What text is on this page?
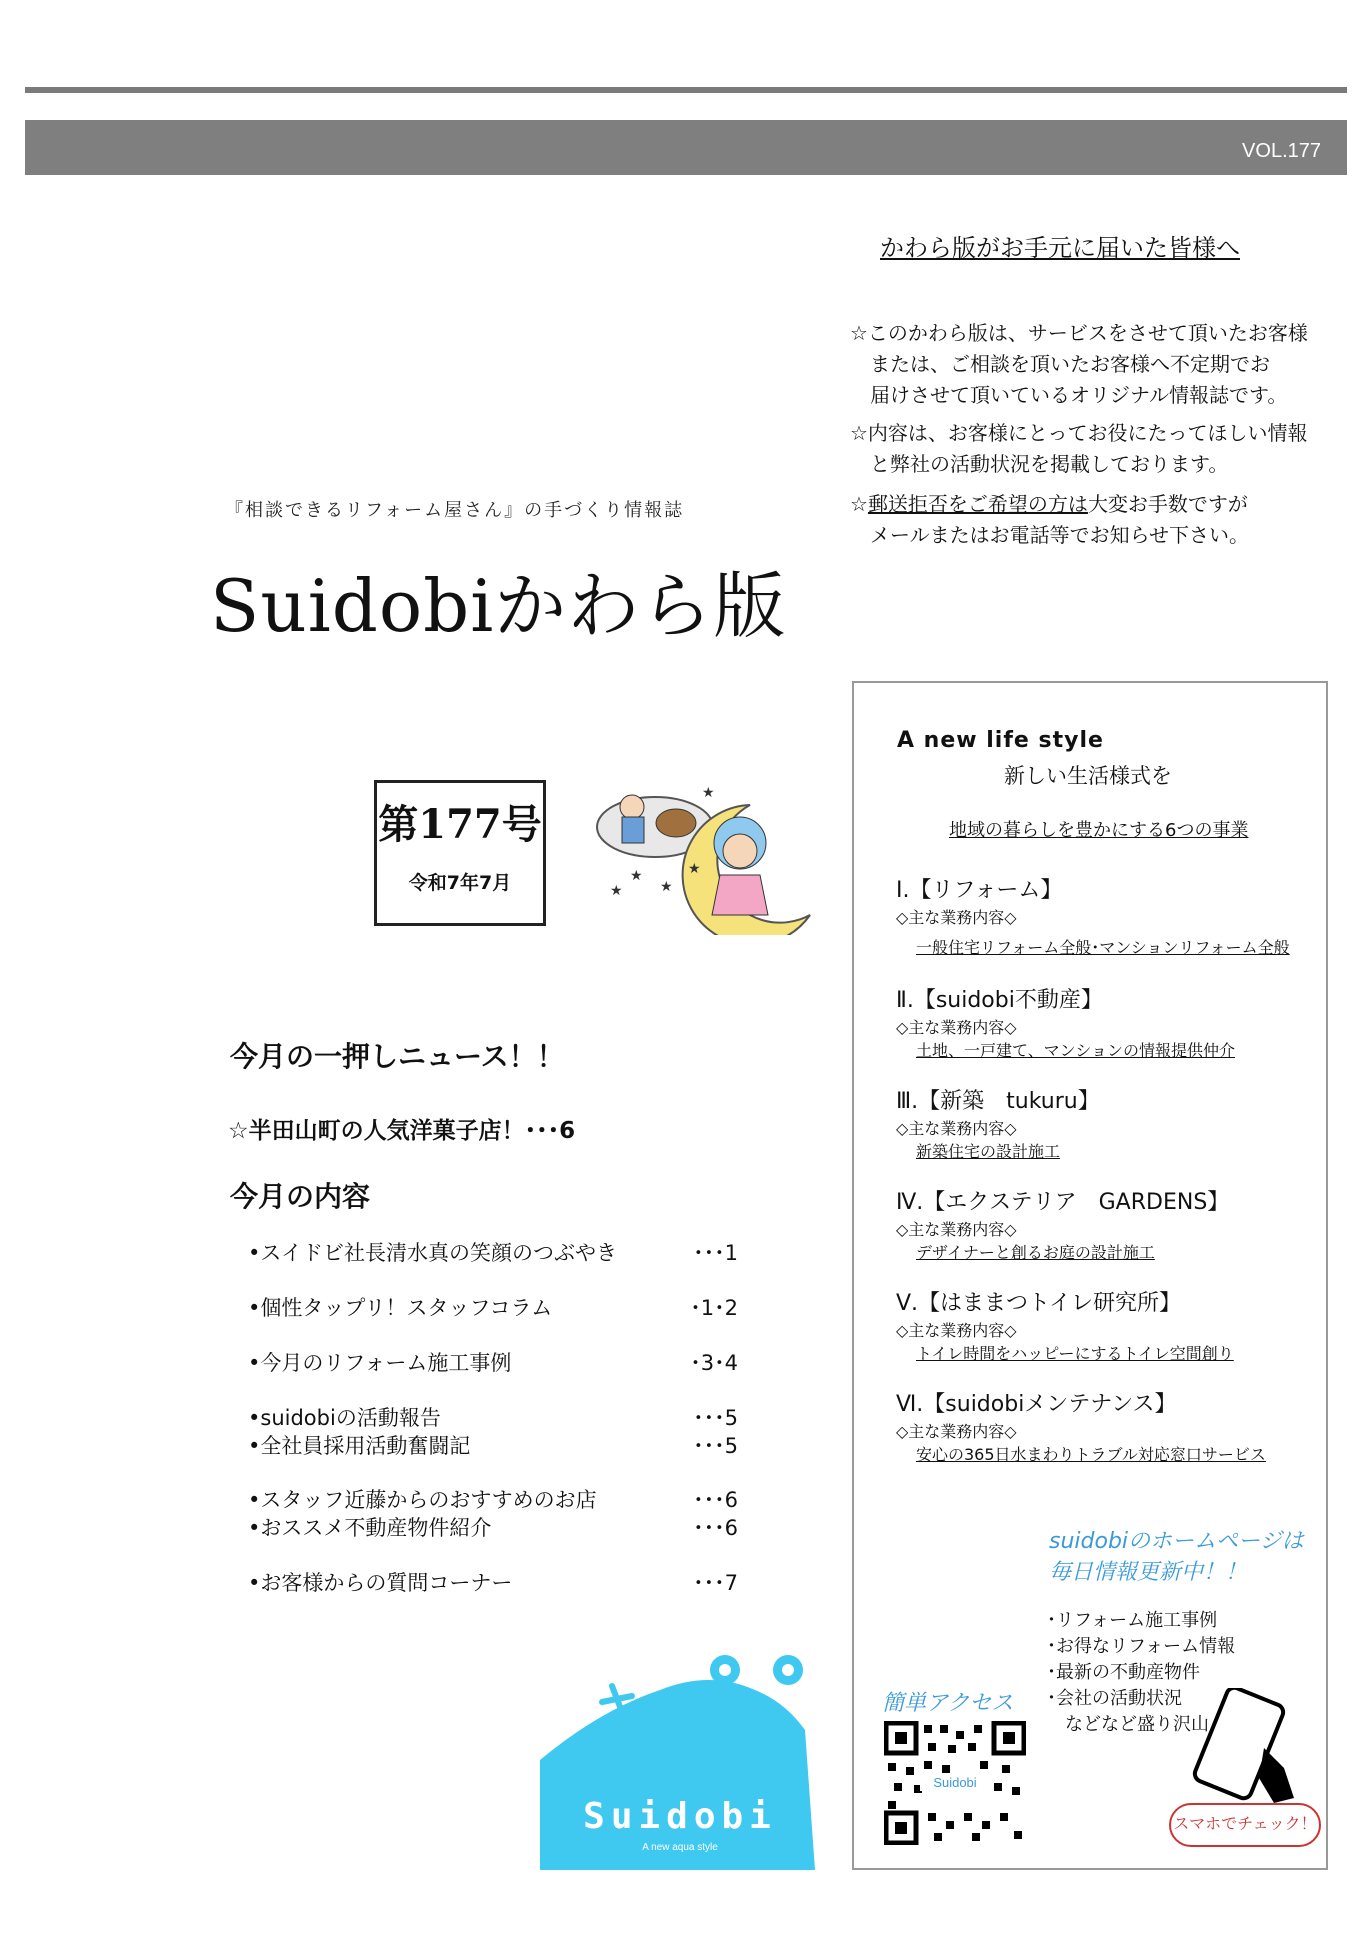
VOL.177
かわら版がお手元に届いた皆様へ
☆このかわら版は、サービスをさせて頂いたお客様
　または、ご相談を頂いたお客様へ不定期でお
　届けさせて頂いているオリジナル情報誌です。
☆内容は、お客様にとってお役にたってほしい情報
　と弊社の活動状況を掲載しております。
☆郵送拒否をご希望の方は大変お手数ですが
　メールまたはお電話等でお知らせ下さい。
『相談できるリフォーム屋さん』の手づくり情報誌
Suidobiかわら版
第177号
令和7年7月	★
★
★
★
★
今月の一押しニュース！！
☆半田山町の人気洋菓子店！･･･6
今月の内容
•スイドビ社長清水真の笑顔のつぶやき	･･･1
•個性タップリ！スタッフコラム	･1･2
•今月のリフォーム施工事例	･3･4
•suidobiの活動報告	･･･5
•全社員採用活動奮闘記	･･･5
•スタッフ近藤からのおすすめのお店	･･･6
•おススメ不動産物件紹介	･･･6
•お客様からの質問コーナー	･･･7
Suidobi
A new aqua style
A new life style
新しい生活様式を
地域の暮らしを豊かにする6つの事業
Ⅰ.【リフォーム】
◇主な業務内容◇
一般住宅リフォーム全般･マンションリフォーム全般
Ⅱ.【suidobi不動産】
◇主な業務内容◇
土地、一戸建て、マンションの情報提供仲介
Ⅲ.【新築　tukuru】
◇主な業務内容◇
新築住宅の設計施工
Ⅳ.【エクステリア　GARDENS】
◇主な業務内容◇
デザイナーと創るお庭の設計施工
Ⅴ.【はままつトイレ研究所】
◇主な業務内容◇
トイレ時間をハッピーにするトイレ空間創り
Ⅵ.【suidobiメンテナンス】
◇主な業務内容◇
安心の365日水まわりトラブル対応窓口サービス
suidobiのホームページは
毎日情報更新中！！
･リフォーム施工事例
･お得なリフォーム情報
･最新の不動産物件
･会社の活動状況
　などなど盛り沢山
簡単アクセス
Suidobi
スマホでチェック！
